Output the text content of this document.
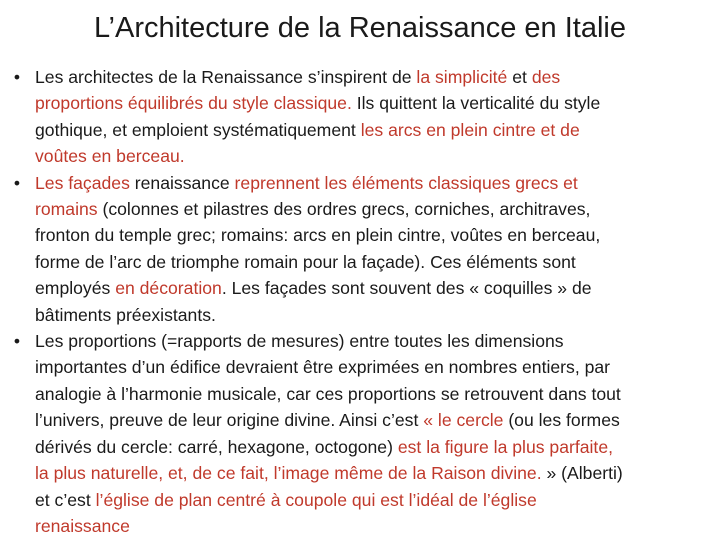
L’Architecture de la Renaissance en Italie
• Les architectes de la Renaissance s’inspirent de la simplicité et des
proportions équilibrés du style classique. Ils quittent la verticalité du style
gothique, et emploient systématiquement les arcs en plein cintre et de
voûtes en berceau.
• Les façades renaissance reprennent les éléments classiques grecs et
romains (colonnes et pilastres des ordres grecs, corniches, architraves,
fronton du temple grec; romains: arcs en plein cintre, voûtes en berceau,
forme de l’arc de triomphe romain pour la façade). Ces éléments sont
employés en décoration. Les façades sont souvent des « coquilles » de
bâtiments préexistants.
• Les proportions (=rapports de mesures) entre toutes les dimensions
importantes d’un édifice devraient être exprimées en nombres entiers, par
analogie à l’harmonie musicale, car ces proportions se retrouvent dans tout
l’univers, preuve de leur origine divine. Ainsi c’est « le cercle (ou les formes
dérivés du cercle: carré, hexagone, octogone) est la figure la plus parfaite,
la plus naturelle, et, de ce fait, l’image même de la Raison divine. » (Alberti)
et c’est l’église de plan centré à coupole qui est l’idéal de l’église
renaissance
